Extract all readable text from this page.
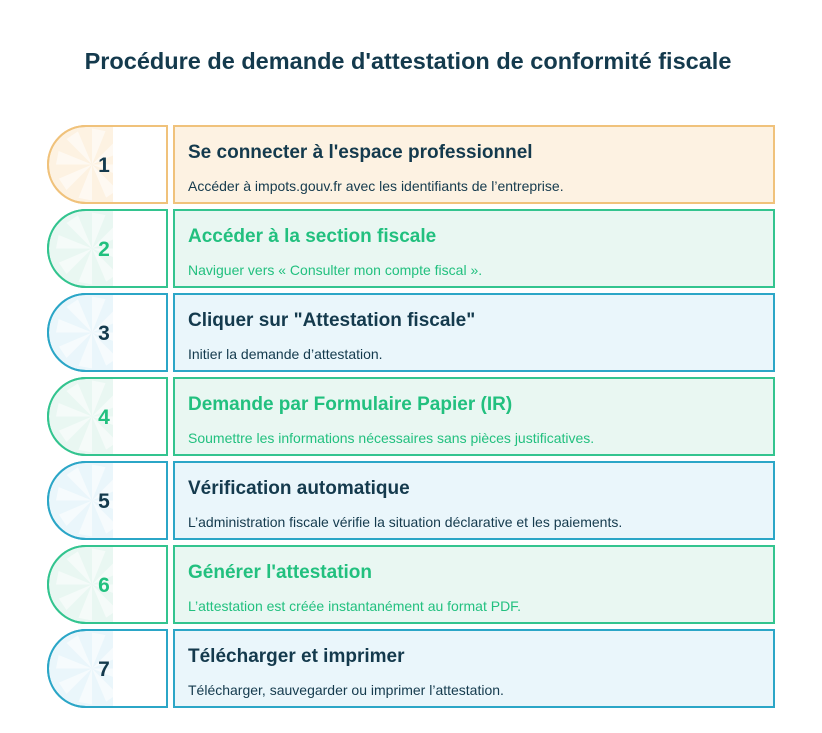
Procédure de demande d'attestation de conformité fiscale
1
Se connecter à l'espace professionnel
Accéder à impots.gouv.fr avec les identifiants de l’entreprise.
2
Accéder à la section fiscale
Naviguer vers « Consulter mon compte fiscal ».
3
Cliquer sur "Attestation fiscale"
Initier la demande d’attestation.
4
Demande par Formulaire Papier (IR)
Soumettre les informations nécessaires sans pièces justificatives.
5
Vérification automatique
L’administration fiscale vérifie la situation déclarative et les paiements.
6
Générer l'attestation
L’attestation est créée instantanément au format PDF.
7
Télécharger et imprimer
Télécharger, sauvegarder ou imprimer l’attestation.
